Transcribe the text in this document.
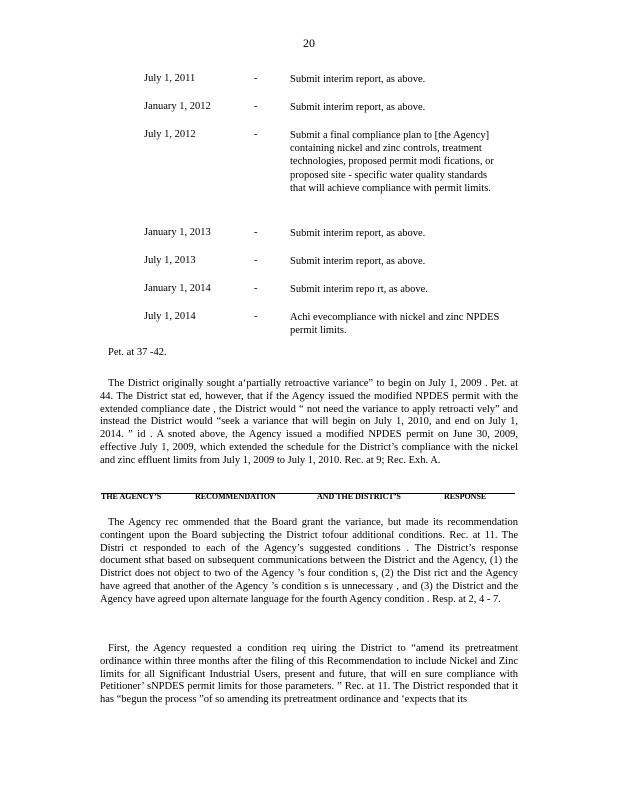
20
July 1, 2011	-	Submit interim report, as above.
January 1, 2012	-	Submit interim report, as above.
July 1, 2012	-	Submit a final compliance plan to [the Agency] containing nickel and zinc controls, treatment technologies, proposed permit modi fications, or proposed site - specific water quality standards that will achieve compliance with permit limits.
January 1, 2013	-	Submit interim report, as above.
July 1, 2013	-	Submit interim report, as above.
January 1, 2014	-	Submit interim repo rt, as above.
July 1, 2014	-	Achi evecompliance with nickel and zinc NPDES permit limits.
Pet. at 37 -42.
The District originally sought a‘partially retroactive variance” to begin on July 1, 2009 . Pet. at 44. The District stat ed, however, that if the Agency issued the modified NPDES permit with the extended compliance date , the District would “ not need the variance to apply retroacti vely” and instead the District would “seek a variance that will begin on July 1, 2010, and end on July 1, 2014. ” id . A snoted above, the Agency issued a modified NPDES permit on June 30, 2009, effective July 1, 2009, which extended the schedule for the District’s compliance with the nickel and zinc effluent limits from July 1, 2009 to July 1, 2010. Rec. at 9; Rec. Exh. A.
THE AGENCY’S	RECOMMENDATION	AND THE DISTRICT’S	RESPONSE
The Agency rec ommended that the Board grant the variance, but made its recommendation contingent upon the Board subjecting the District tofour additional conditions. Rec. at 11. The Distri ct responded to each of the Agency’s suggested conditions . The District’s response document sthat based on subsequent communications between the District and the Agency, (1) the District does not object to two of the Agency ’s four condition s, (2) the Dist rict and the Agency have agreed that another of the Agency ’s condition s is unnecessary , and (3) the District and the Agency have agreed upon alternate language for the fourth Agency condition . Resp. at 2, 4 - 7.
First, the Agency requested a condition req uiring the District to “amend its pretreatment ordinance within three months after the filing of this Recommendation to include Nickel and Zinc limits for all Significant Industrial Users, present and future, that will en sure compliance with Petitioner’ sNPDES permit limits for those parameters. ” Rec. at 11. The District responded that it has “begun the process ”of so amending its pretreatment ordinance and ‘expects that its
